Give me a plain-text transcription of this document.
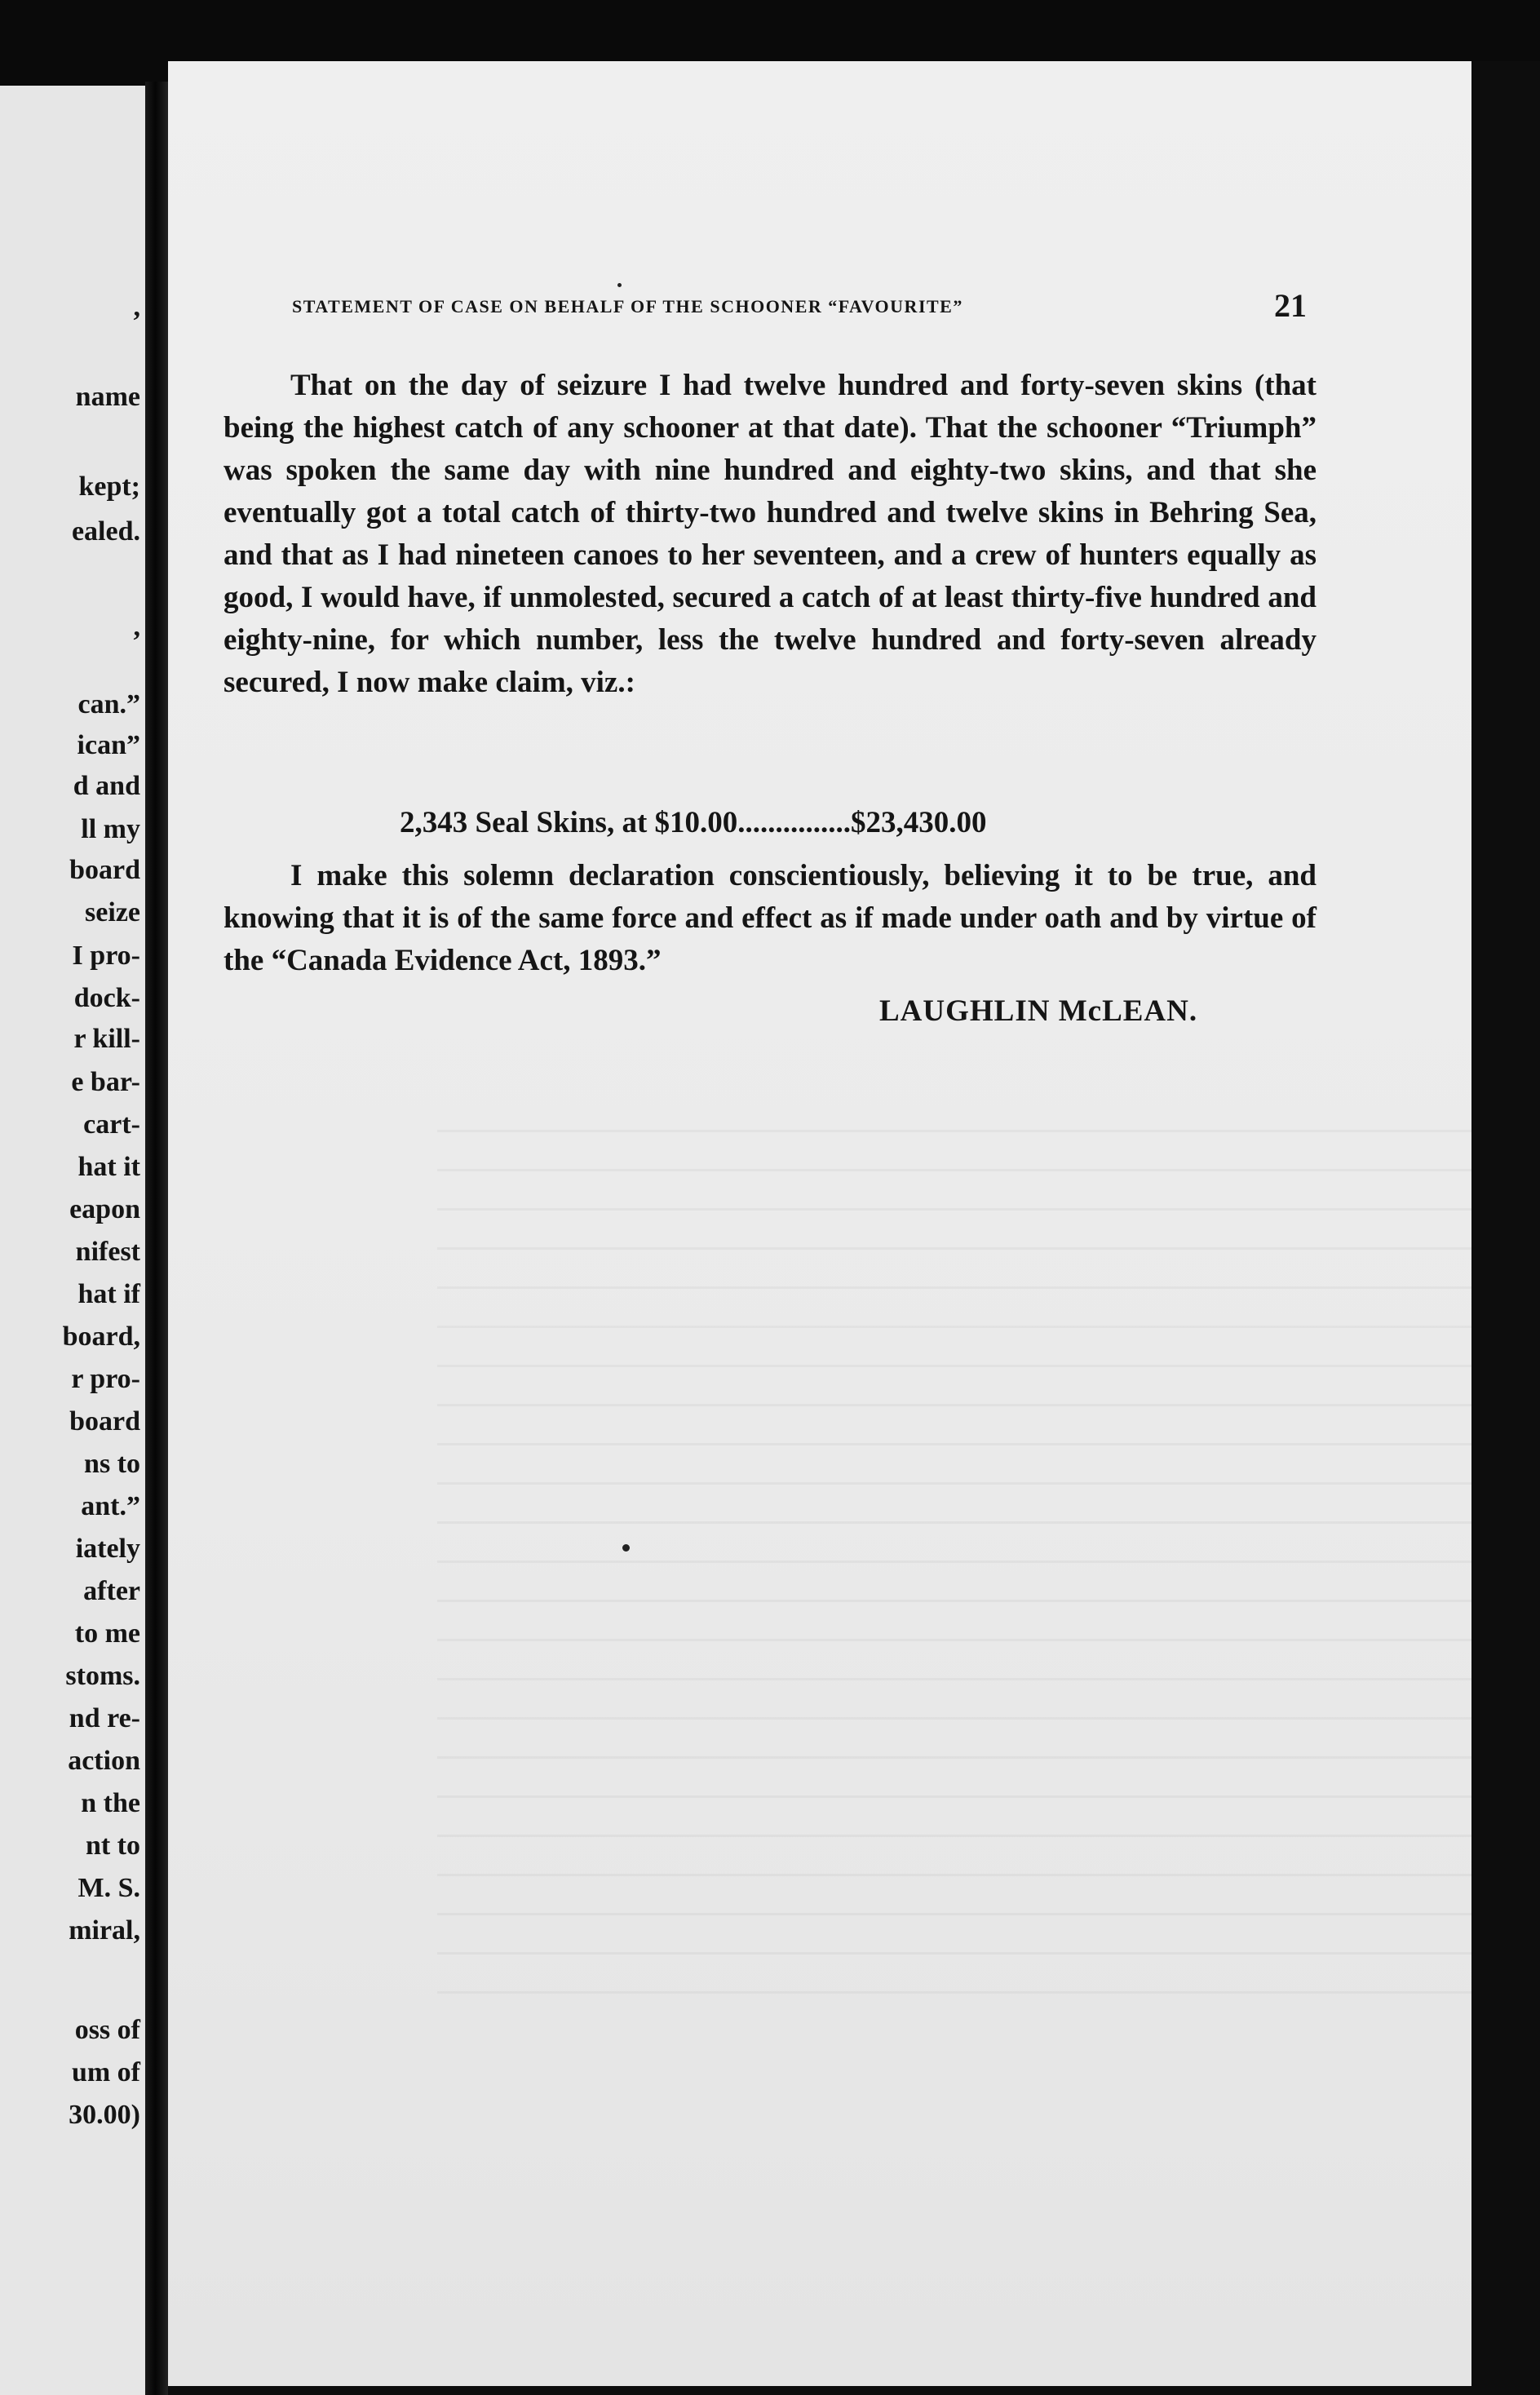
,
name
kept;
ealed.
,
can.”
ican”
d and
ll my
board
seize
I pro-
dock-
r kill-
e bar-
cart-
hat it
eapon
nifest
hat if
board,
r pro-
board
ns to
ant.”
iately
after
to me
stoms.
nd re-
action
n the
nt to
M. S.
miral,
oss of
um of
30.00)
STATEMENT OF CASE ON BEHALF OF THE SCHOONER “FAVOURITE”	21

That on the day of seizure I had twelve hundred and forty-seven skins (that being the highest catch of any schooner at that date). That the schooner “Triumph” was spoken the same day with nine hundred and eighty-two skins, and that she eventually got a total catch of thirty-two hundred and twelve skins in Behring Sea, and that as I had nineteen canoes to her seventeen, and a crew of hunters equally as good, I would have, if unmolested, secured a catch of at least thirty-five hundred and eighty-nine, for which number, less the twelve hundred and forty-seven already secured, I now make claim, viz.:

2,343 Seal Skins, at $10.00...............$23,430.00

I make this solemn declaration conscientiously, believing it to be true, and knowing that it is of the same force and effect as if made under oath and by virtue of the “Canada Evidence Act, 1893.”

LAUGHLIN McLEAN.
